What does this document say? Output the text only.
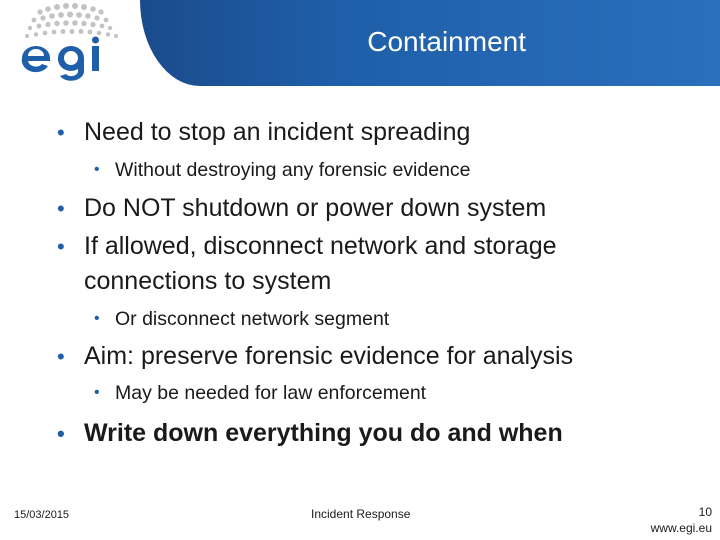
Containment
• Need to stop an incident spreading
• Without destroying any forensic evidence
• Do NOT shutdown or power down system
• If allowed, disconnect network and storage
connections to system
• Or disconnect network segment
• Aim: preserve forensic evidence for analysis
• May be needed for law enforcement
• Write down everything you do and when
15/03/2015	Incident Response	10
www.egi.eu
